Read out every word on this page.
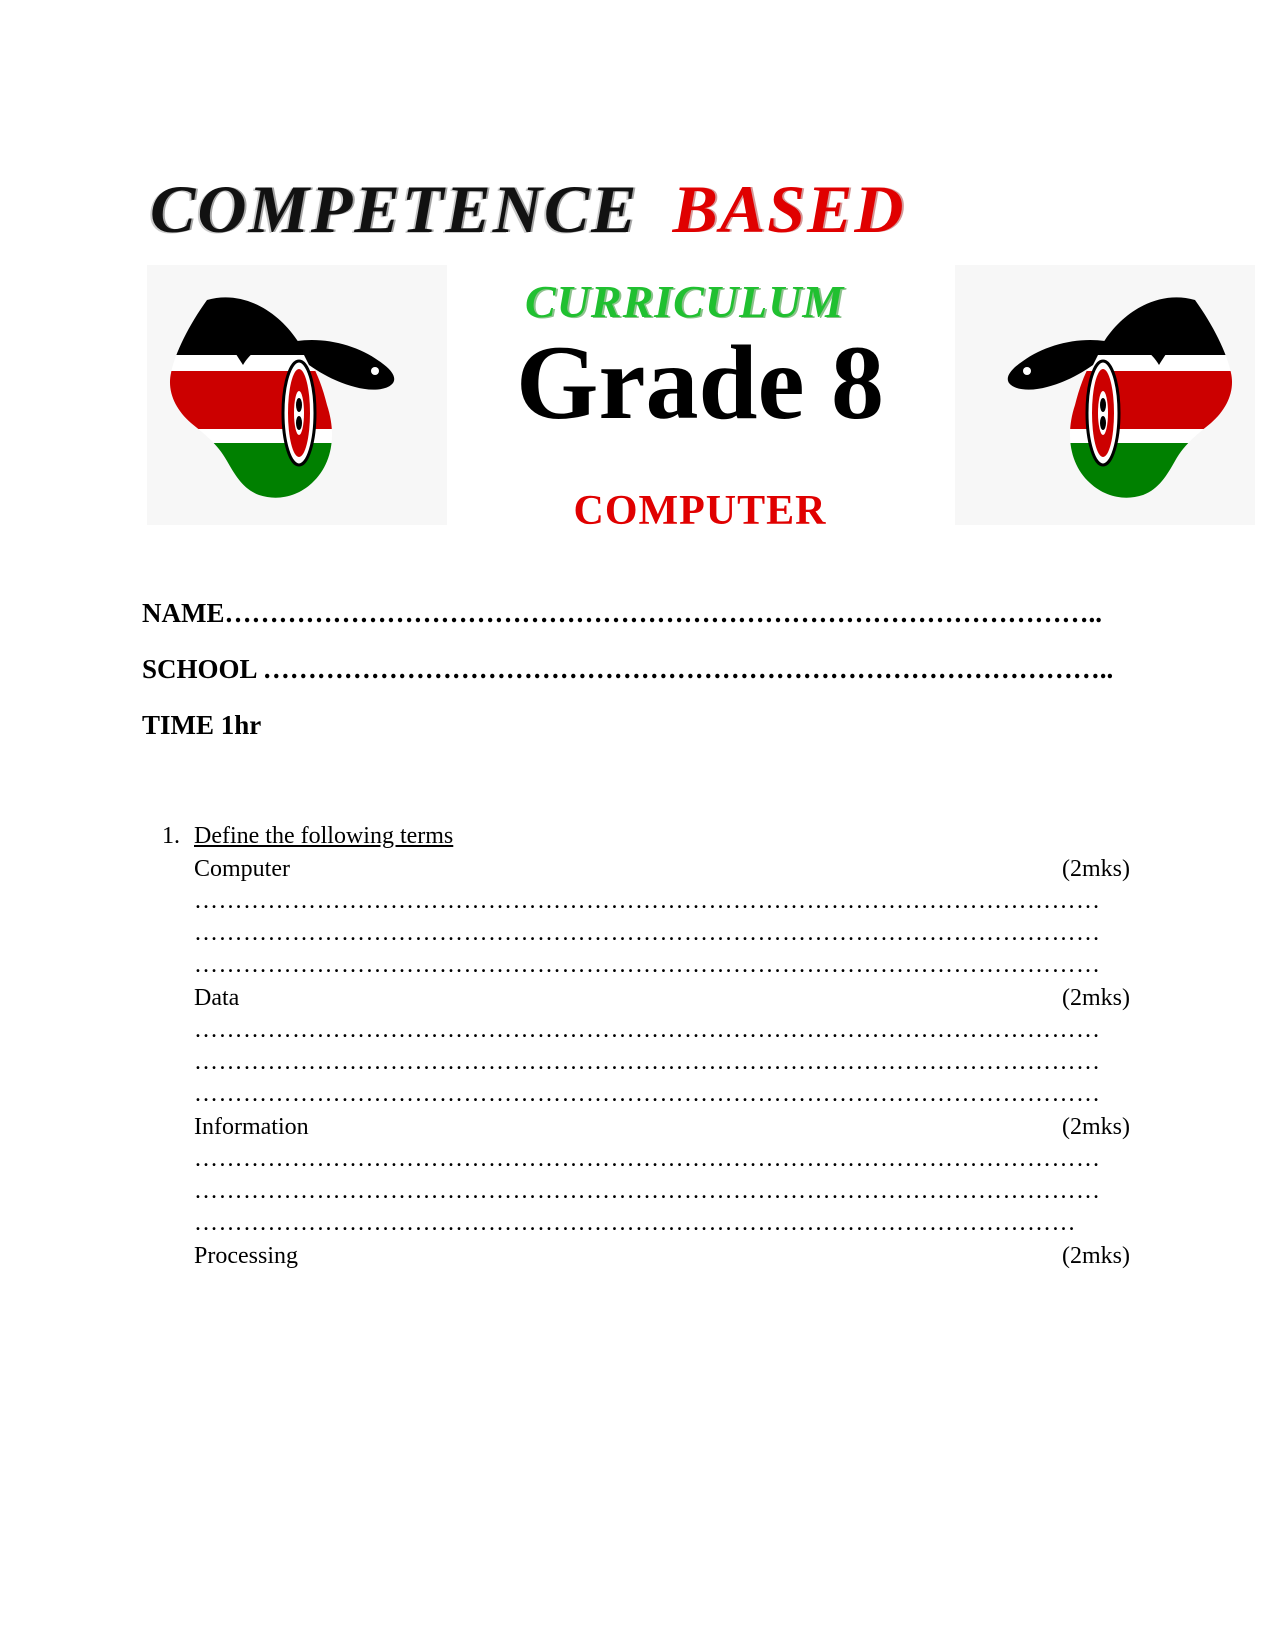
COMPETENCE BASED
CURRICULUM
Grade 8
COMPUTER
NAME……………………………………………………………………………………..
SCHOOL …………………………………………………………………………………..
TIME 1hr
1. Define the following terms
Computer	(2mks)
…………………………………………………………………………………………………
…………………………………………………………………………………………………
…………………………………………………………………………………………………
Data	(2mks)
…………………………………………………………………………………………………
…………………………………………………………………………………………………
…………………………………………………………………………………………………
Information	(2mks)
…………………………………………………………………………………………………
…………………………………………………………………………………………………
………………………………………………………………………………………………
Processing	(2mks)
